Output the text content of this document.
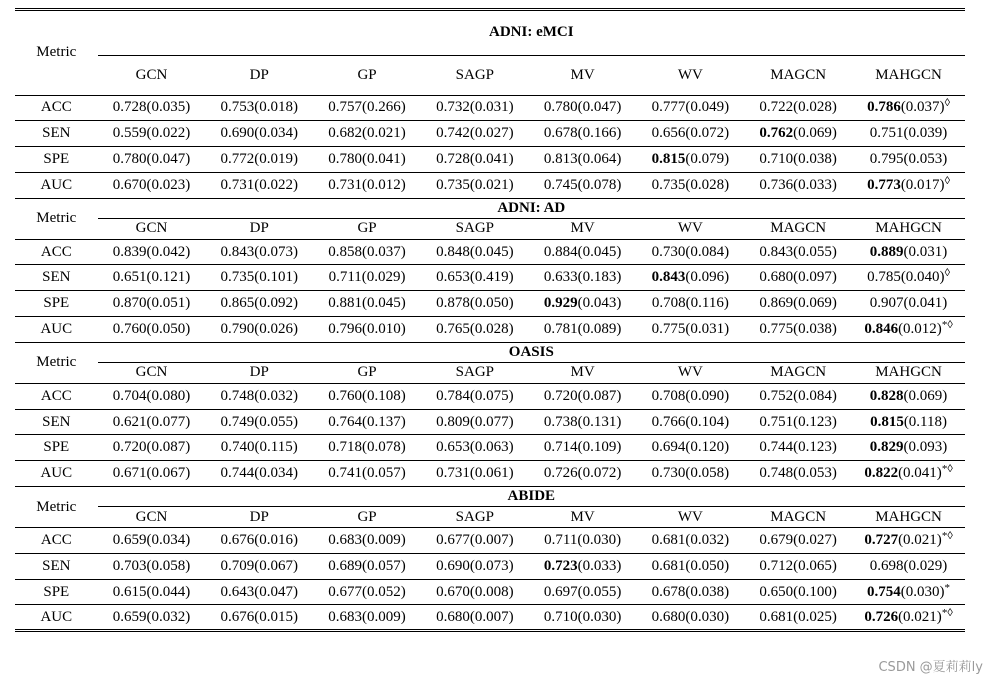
Metric	ADNI: eMCI							
	GCN	DP	GP	SAGP	MV	WV	MAGCN	MAHGCN
ACC	0.728(0.035)	0.753(0.018)	0.757(0.266)	0.732(0.031)	0.780(0.047)	0.777(0.049)	0.722(0.028)	0.786(0.037)◊
SEN	0.559(0.022)	0.690(0.034)	0.682(0.021)	0.742(0.027)	0.678(0.166)	0.656(0.072)	0.762(0.069)	0.751(0.039)
SPE	0.780(0.047)	0.772(0.019)	0.780(0.041)	0.728(0.041)	0.813(0.064)	0.815(0.079)	0.710(0.038)	0.795(0.053)
AUC	0.670(0.023)	0.731(0.022)	0.731(0.012)	0.735(0.021)	0.745(0.078)	0.735(0.028)	0.736(0.033)	0.773(0.017)◊
Metric	ADNI: AD							
	GCN	DP	GP	SAGP	MV	WV	MAGCN	MAHGCN
ACC	0.839(0.042)	0.843(0.073)	0.858(0.037)	0.848(0.045)	0.884(0.045)	0.730(0.084)	0.843(0.055)	0.889(0.031)
SEN	0.651(0.121)	0.735(0.101)	0.711(0.029)	0.653(0.419)	0.633(0.183)	0.843(0.096)	0.680(0.097)	0.785(0.040)◊
SPE	0.870(0.051)	0.865(0.092)	0.881(0.045)	0.878(0.050)	0.929(0.043)	0.708(0.116)	0.869(0.069)	0.907(0.041)
AUC	0.760(0.050)	0.790(0.026)	0.796(0.010)	0.765(0.028)	0.781(0.089)	0.775(0.031)	0.775(0.038)	0.846(0.012)*◊
Metric	OASIS							
	GCN	DP	GP	SAGP	MV	WV	MAGCN	MAHGCN
ACC	0.704(0.080)	0.748(0.032)	0.760(0.108)	0.784(0.075)	0.720(0.087)	0.708(0.090)	0.752(0.084)	0.828(0.069)
SEN	0.621(0.077)	0.749(0.055)	0.764(0.137)	0.809(0.077)	0.738(0.131)	0.766(0.104)	0.751(0.123)	0.815(0.118)
SPE	0.720(0.087)	0.740(0.115)	0.718(0.078)	0.653(0.063)	0.714(0.109)	0.694(0.120)	0.744(0.123)	0.829(0.093)
AUC	0.671(0.067)	0.744(0.034)	0.741(0.057)	0.731(0.061)	0.726(0.072)	0.730(0.058)	0.748(0.053)	0.822(0.041)*◊
Metric	ABIDE							
	GCN	DP	GP	SAGP	MV	WV	MAGCN	MAHGCN
ACC	0.659(0.034)	0.676(0.016)	0.683(0.009)	0.677(0.007)	0.711(0.030)	0.681(0.032)	0.679(0.027)	0.727(0.021)*◊
SEN	0.703(0.058)	0.709(0.067)	0.689(0.057)	0.690(0.073)	0.723(0.033)	0.681(0.050)	0.712(0.065)	0.698(0.029)
SPE	0.615(0.044)	0.643(0.047)	0.677(0.052)	0.670(0.008)	0.697(0.055)	0.678(0.038)	0.650(0.100)	0.754(0.030)*
AUC	0.659(0.032)	0.676(0.015)	0.683(0.009)	0.680(0.007)	0.710(0.030)	0.680(0.030)	0.681(0.025)	0.726(0.021)*◊
CSDN @夏莉莉ly
